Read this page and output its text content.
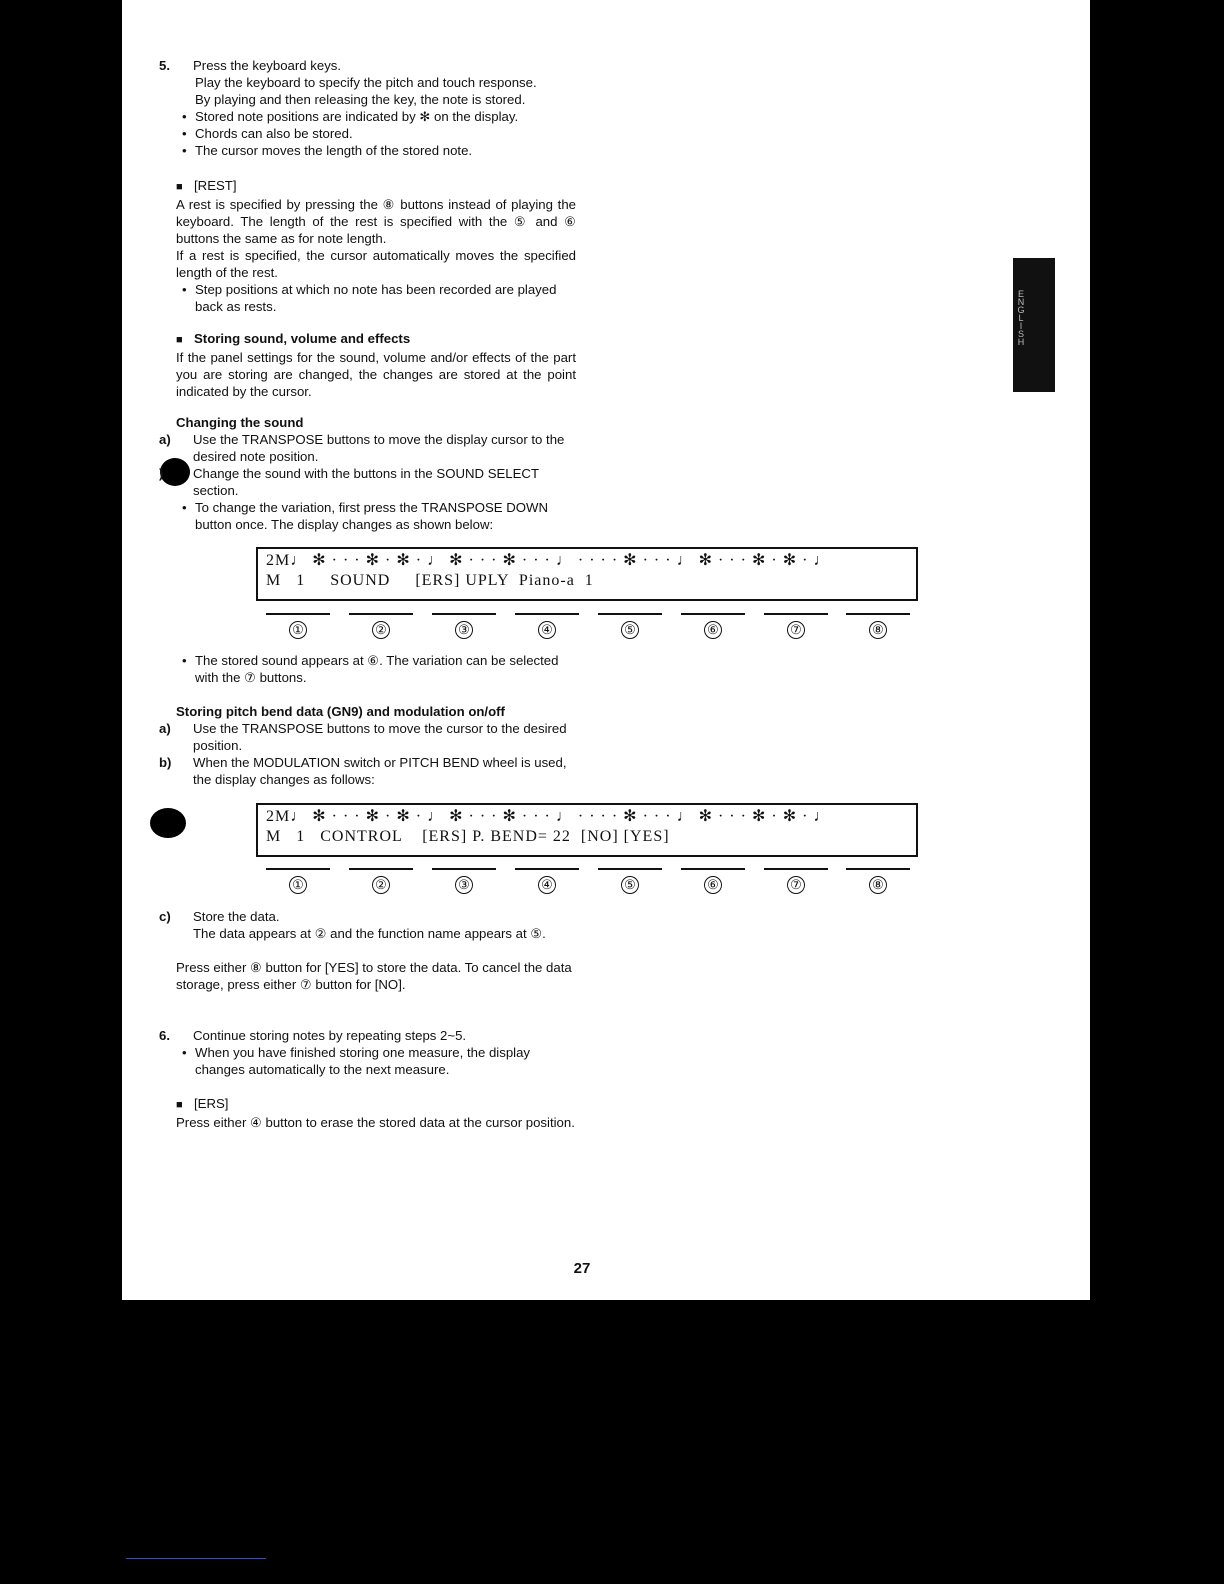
E
N
G
L
I
S
H

5. Press the keyboard keys.

Play the keyboard to specify the pitch and touch response.

By playing and then releasing the key, the note is stored.

• Stored note positions are indicated by ✻ on the display.

• Chords can also be stored.

• The cursor moves the length of the stored note.

■ [REST]

A rest is specified by pressing the ⑧ buttons instead of playing the keyboard. The length of the rest is specified with the ⑤ and ⑥ buttons the same as for note length.

If a rest is specified, the cursor automatically moves the specified length of the rest.

• Step positions at which no note has been recorded are played back as rests.

■ Storing sound, volume and effects

If the panel settings for the sound, volume and/or effects of the part you are storing are changed, the changes are stored at the point indicated by the cursor.

Changing the sound

a) Use the TRANSPOSE buttons to move the display cursor to the desired note position.

) Change the sound with the buttons in the SOUND SELECT section.

• To change the variation, first press the TRANSPOSE DOWN button once. The display changes as shown below:

2M♩ ✻ · · · ✻ · ✻ · ♩ ✻ · · · ✻ · · · ♩ · · · · ✻ · · · ♩ ✻ · · · ✻ · ✻ · ♩
M   1     SOUND     [ERS] UPLY  Piano-a  1
①	②	③	④	⑤	⑥	⑦	⑧

• The stored sound appears at ⑥. The variation can be selected with the ⑦ buttons.

Storing pitch bend data (GN9) and modulation on/off

a) Use the TRANSPOSE buttons to move the cursor to the desired position.

b) When the MODULATION switch or PITCH BEND wheel is used, the display changes as follows:

2M♩ ✻ · · · ✻ · ✻ · ♩ ✻ · · · ✻ · · · ♩ · · · · ✻ · · · ♩ ✻ · · · ✻ · ✻ · ♩
M   1   CONTROL    [ERS] P. BEND= 22  [NO] [YES]
①	②	③	④	⑤	⑥	⑦	⑧

c) Store the data.

The data appears at ② and the function name appears at ⑤.

Press either ⑧ button for [YES] to store the data. To cancel the data storage, press either ⑦ button for [NO].

6. Continue storing notes by repeating steps 2~5.

• When you have finished storing one measure, the display changes automatically to the next measure.

■ [ERS]

Press either ④ button to erase the stored data at the cursor position.

27
